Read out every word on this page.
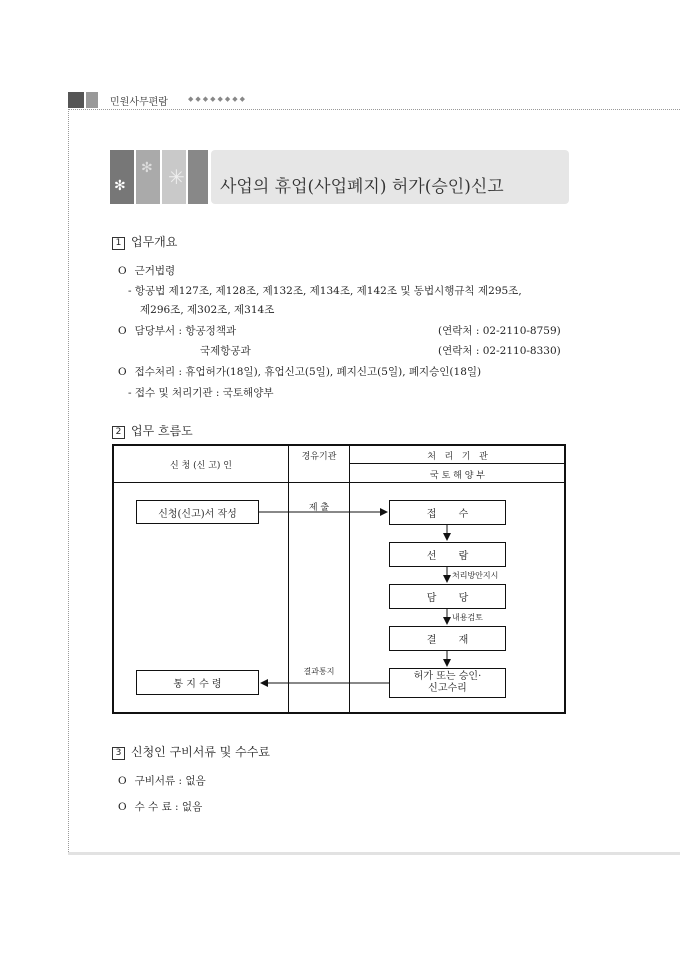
민원사무편람	◆◆◆◆◆◆◆◆
✻
✻ ✳ 사업의 휴업(사업폐지) 허가(승인)신고
1 업무개요
O 근거법령
- 항공법 제127조, 제128조, 제132조, 제134조, 제142조 및 동법시행규칙 제295조,
제296조, 제302조, 제314조
O 담당부서 : 항공정책과	(연락처 : 02-2110-8759)
국제항공과	(연락처 : 02-2110-8330)
O 접수처리 : 휴업허가(18일), 휴업신고(5일), 폐지신고(5일), 폐지승인(18일)
- 접수 및 처리기관 : 국토해양부
2 업무 흐름도
신 청 (신 고) 인
경유기관	처   리   기   관
국 토 해 양 부
신청(신고)서 작성
제 출
접       수
선       람
담       당
결       재
허가 또는 승인·
신고수리
처리방안지시
내용검토
통 지 수 령
결과통지
3 신청인 구비서류 및 수수료
O 구비서류 : 없음
O 수 수 료 : 없음
